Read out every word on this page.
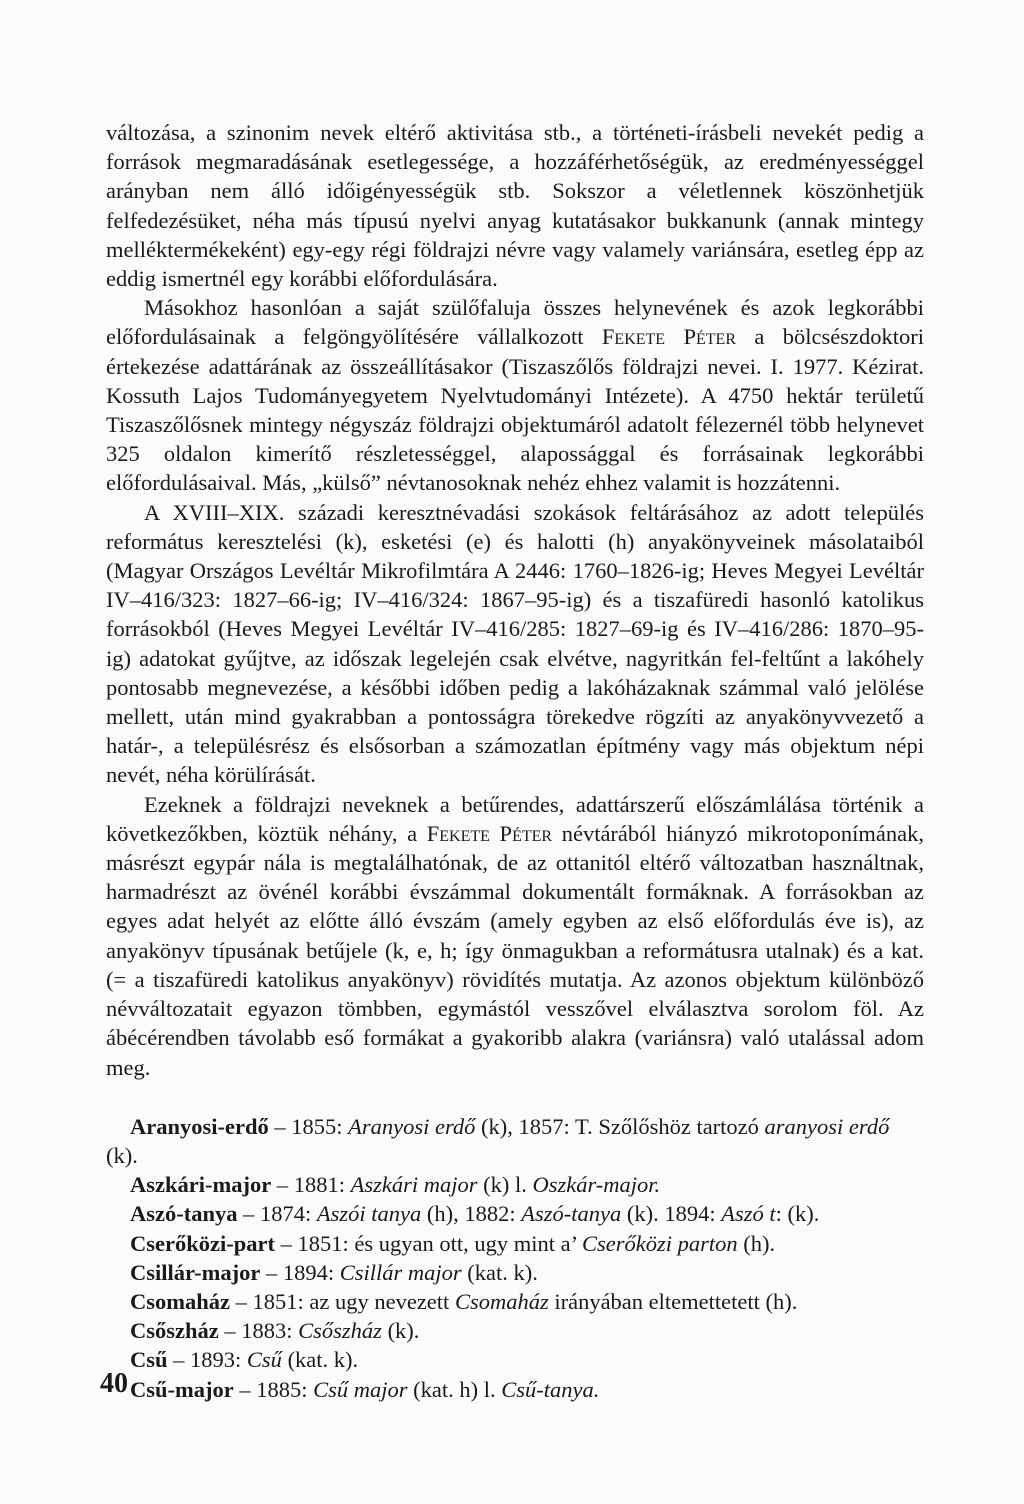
változása, a szinonim nevek eltérő aktivitása stb., a történeti-írásbeli nevekét pedig a források megmaradásának esetlegessége, a hozzáférhetőségük, az eredményességgel arányban nem álló időigényességük stb. Sokszor a véletlennek köszönhetjük felfedezésüket, néha más típusú nyelvi anyag kutatásakor bukkanunk (annak mintegy melléktermékeként) egy-egy régi földrajzi névre vagy valamely variánsára, esetleg épp az eddig ismertnél egy korábbi előfordulására.

Másokhoz hasonlóan a saját szülőfaluja összes helynevének és azok legkorábbi előfordulásainak a felgöngyölítésére vállalkozott Fekete Péter a bölcsészdoktori értekezése adattárának az összeállításakor (Tiszaszőlős földrajzi nevei. I. 1977. Kézirat. Kossuth Lajos Tudományegyetem Nyelvtudományi Intézete). A 4750 hektár területű Tiszaszőlősnek mintegy négyszáz földrajzi objektumáról adatolt félezernél több helynevet 325 oldalon kimerítő részletességgel, alapossággal és forrásainak legkorábbi előfordulásaival. Más, „külső” névtanosoknak nehéz ehhez valamit is hozzátenni.

A XVIII–XIX. századi keresztnévadási szokások feltárásához az adott település református keresztelési (k), esketési (e) és halotti (h) anyakönyveinek másolataiból (Magyar Országos Levéltár Mikrofilmtára A 2446: 1760–1826-ig; Heves Megyei Levéltár IV–416/323: 1827–66-ig; IV–416/324: 1867–95-ig) és a tiszafüredi hasonló katolikus forrásokból (Heves Megyei Levéltár IV–416/285: 1827–69-ig és IV–416/286: 1870–95-ig) adatokat gyűjtve, az időszak legelején csak elvétve, nagyritkán fel-feltűnt a lakóhely pontosabb megnevezése, a későbbi időben pedig a lakóházaknak számmal való jelölése mellett, után mind gyakrabban a pontosságra törekedve rögzíti az anyakönyvvezető a határ-, a településrész és elsősorban a számozatlan építmény vagy más objektum népi nevét, néha körülírását.

Ezeknek a földrajzi neveknek a betűrendes, adattárszerű előszámlálása történik a következőkben, köztük néhány, a Fekete Péter névtárából hiányzó mikrotoponímának, másrészt egypár nála is megtalálhatónak, de az ottanitól eltérő változatban használtnak, harmadrészt az övénél korábbi évszámmal dokumentált formáknak. A forrásokban az egyes adat helyét az előtte álló évszám (amely egyben az első előfordulás éve is), az anyakönyv típusának betűjele (k, e, h; így önmagukban a reformátusra utalnak) és a kat. (= a tiszafüredi katolikus anyakönyv) rövidítés mutatja. Az azonos objektum különböző névváltozatait egyazon tömbben, egymástól vesszővel elválasztva sorolom föl. Az ábécérendben távolabb eső formákat a gyakoribb alakra (variánsra) való utalással adom meg.

Aranyosi-erdő – 1855: Aranyosi erdő (k), 1857: T. Szőlőshöz tartozó aranyosi erdő (k).

Aszkári-major – 1881: Aszkári major (k) l. Oszkár-major.

Aszó-tanya – 1874: Aszói tanya (h), 1882: Aszó-tanya (k). 1894: Aszó t: (k).

Cserőközi-part – 1851: és ugyan ott, ugy mint a’ Cserőközi parton (h).

Csillár-major – 1894: Csillár major (kat. k).

Csomaház – 1851: az ugy nevezett Csomaház irányában eltemettetett (h).

Csőszház – 1883: Csőszház (k).

Csű – 1893: Csű (kat. k).

Csű-major – 1885: Csű major (kat. h) l. Csű-tanya.

40
